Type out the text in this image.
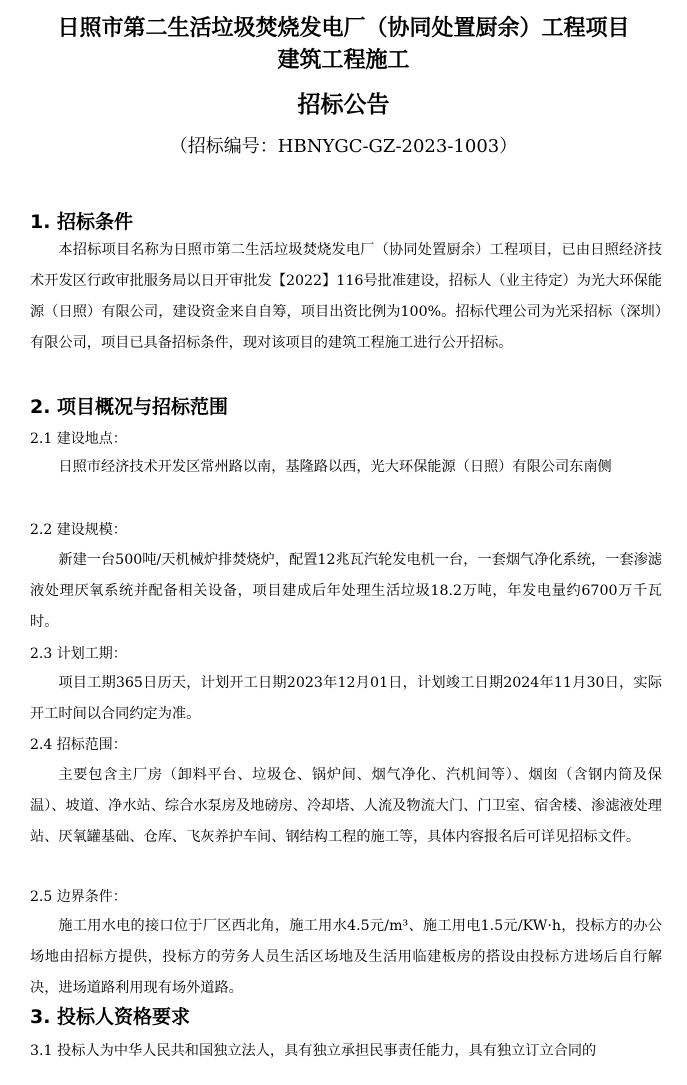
日照市第二生活垃圾焚烧发电厂（协同处置厨余）工程项目
建筑工程施工
招标公告
（招标编号：HBNYGC-GZ-2023-1003）
1. 招标条件

本招标项目名称为日照市第二生活垃圾焚烧发电厂（协同处置厨余）工程项目，已由日照经济技术开发区行政审批服务局以日开审批发【2022】116号批准建设，招标人（业主待定）为光大环保能源（日照）有限公司，建设资金来自自筹，项目出资比例为100%。招标代理公司为光采招标（深圳）有限公司，项目已具备招标条件，现对该项目的建筑工程施工进行公开招标。

2. 项目概况与招标范围
2.1 建设地点：

日照市经济技术开发区常州路以南，基隆路以西，光大环保能源（日照）有限公司东南侧

2.2 建设规模：

新建一台500吨/天机械炉排焚烧炉，配置12兆瓦汽轮发电机一台，一套烟气净化系统，一套渗滤液处理厌氧系统并配备相关设备，项目建成后年处理生活垃圾18.2万吨，年发电量约6700万千瓦时。

2.3 计划工期：

项目工期365日历天，计划开工日期2023年12月01日，计划竣工日期2024年11月30日，实际开工时间以合同约定为准。

2.4 招标范围：

主要包含主厂房（卸料平台、垃圾仓、锅炉间、烟气净化、汽机间等）、烟囱（含钢内筒及保温）、坡道、净水站、综合水泵房及地磅房、冷却塔、人流及物流大门、门卫室、宿舍楼、渗滤液处理站、厌氧罐基础、仓库、飞灰养护车间、钢结构工程的施工等，具体内容报名后可详见招标文件。

2.5 边界条件：

施工用水电的接口位于厂区西北角，施工用水4.5元/m³、施工用电1.5元/KW·h，投标方的办公场地由招标方提供，投标方的劳务人员生活区场地及生活用临建板房的搭设由投标方进场后自行解决，进场道路利用现有场外道路。

3. 投标人资格要求
3.1 投标人为中华人民共和国独立法人，具有独立承担民事责任能力，具有独立订立合同的
